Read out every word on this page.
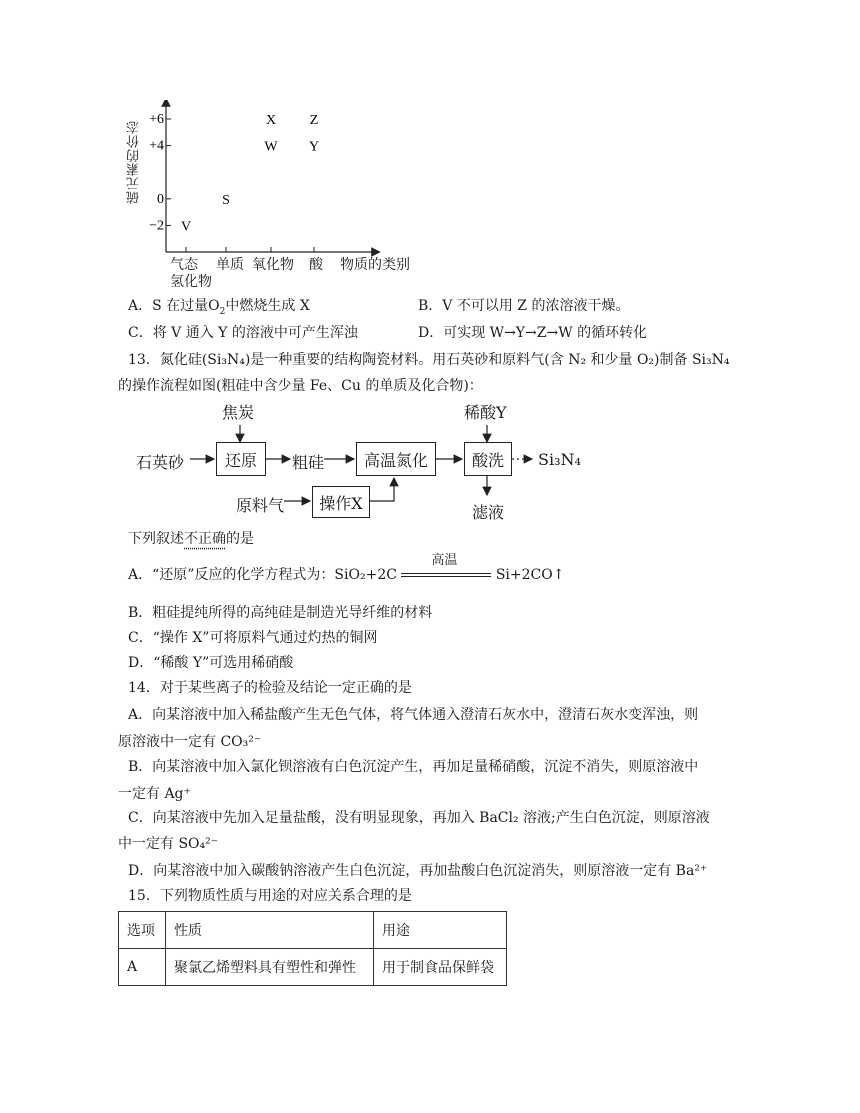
+6
+4
0
−2
X Z
W Y
S
V
硫元素的价态
气态
氢化物
单质 氧化物 酸 物质的类别
A．S 在过量$O_2$中燃烧生成 X	B．V 不可以用 Z 的浓溶液干燥。
C．将 V 通入 Y 的溶液中可产生浑浊	D．可实现 W→Y→Z→W 的循环转化
13．氮化硅(Si₃N₄)是一种重要的结构陶瓷材料。用石英砂和原料气(含 N₂ 和少量 O₂)制备 Si₃N₄
的操作流程如图(粗硅中含少量 Fe、Cu 的单质及化合物)：
焦炭	稀酸Y
石英砂	还原 粗硅 高温氮化	酸洗 Si₃N₄
原料气 操作X	滤液
下列叙述不正确的是
A．“还原”反应的化学方程式为：SiO₂+2C
高温
Si+2CO↑
B．粗硅提纯所得的高纯硅是制造光导纤维的材料
C．“操作 X”可将原料气通过灼热的铜网
D．“稀酸 Y”可选用稀硝酸
14．对于某些离子的检验及结论一定正确的是
A．向某溶液中加入稀盐酸产生无色气体，将气体通入澄清石灰水中，澄清石灰水变浑浊，则
原溶液中一定有 CO₃²⁻
B．向某溶液中加入氯化钡溶液有白色沉淀产生，再加足量稀硝酸，沉淀不消失，则原溶液中
一定有 Ag⁺
C．向某溶液中先加入足量盐酸，没有明显现象，再加入 BaCl₂ 溶液;产生白色沉淀，则原溶液
中一定有 SO₄²⁻
D．向某溶液中加入碳酸钠溶液产生白色沉淀，再加盐酸白色沉淀消失，则原溶液一定有 Ba²⁺
15．下列物质性质与用途的对应关系合理的是
选项	性质	用途
A	聚氯乙烯塑料具有塑性和弹性	用于制食品保鲜袋
